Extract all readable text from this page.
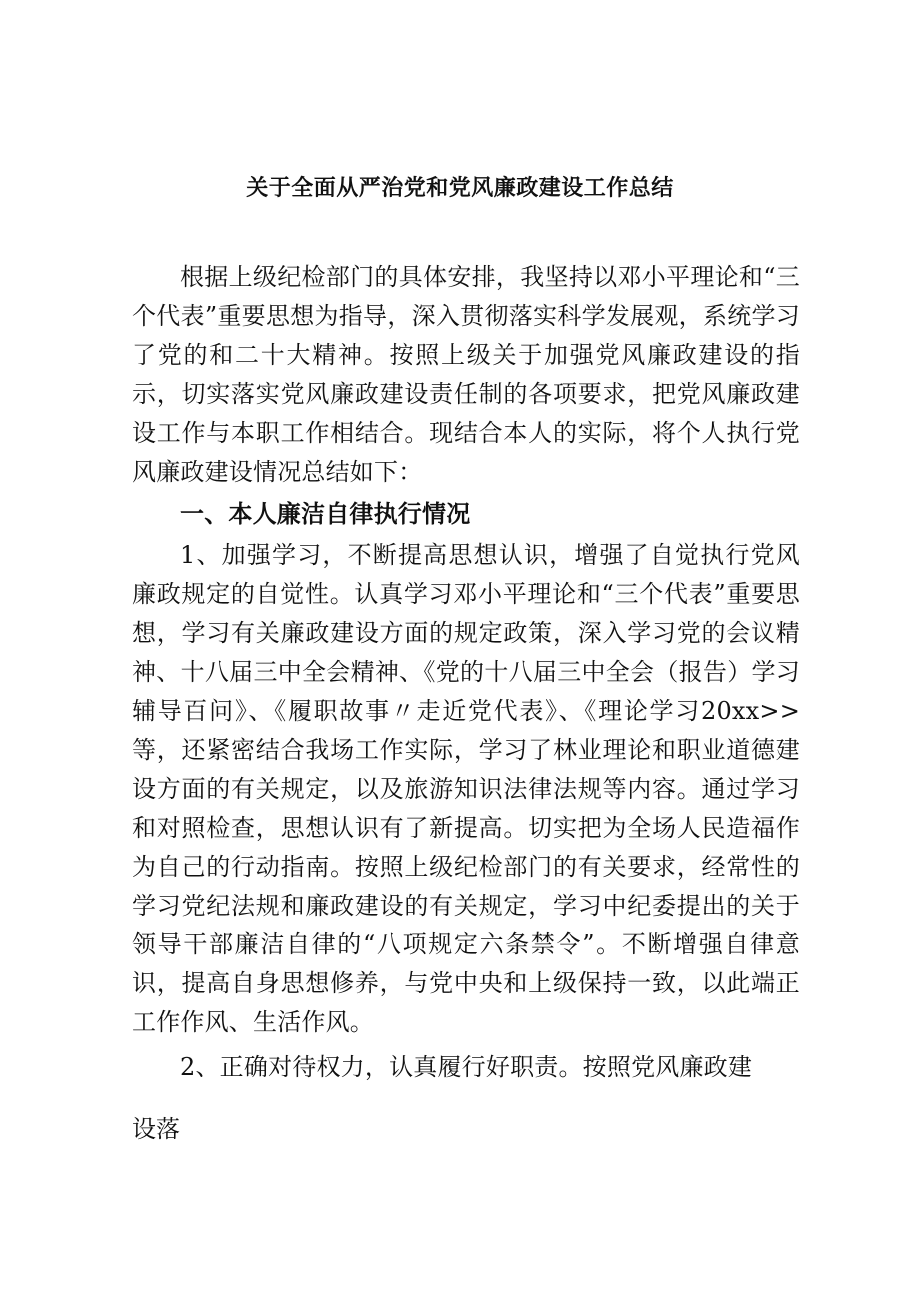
关于全面从严治党和党风廉政建设工作总结

根据上级纪检部门的具体安排，我坚持以邓小平理论和“三个代表”重要思想为指导，深入贯彻落实科学发展观，系统学习了党的和二十大精神。按照上级关于加强党风廉政建设的指示，切实落实党风廉政建设责任制的各项要求，把党风廉政建设工作与本职工作相结合。现结合本人的实际，将个人执行党风廉政建设情况总结如下：

一、本人廉洁自律执行情况

1、加强学习，不断提高思想认识，增强了自觉执行党风廉政规定的自觉性。认真学习邓小平理论和“三个代表”重要思想，学习有关廉政建设方面的规定政策，深入学习党的会议精神、十八届三中全会精神、《党的十八届三中全会（报告）学习辅导百问》、《履职故事〃走近党代表》、《理论学习20xx>>等，还紧密结合我场工作实际，学习了林业理论和职业道德建设方面的有关规定，以及旅游知识法律法规等内容。通过学习和对照检查，思想认识有了新提高。切实把为全场人民造福作为自己的行动指南。按照上级纪检部门的有关要求，经常性的学习党纪法规和廉政建设的有关规定，学习中纪委提出的关于领导干部廉洁自律的“八项规定六条禁令”。不断增强自律意识，提高自身思想修养，与党中央和上级保持一致，以此端正工作作风、生活作风。

2、正确对待权力，认真履行好职责。按照党风廉政建

设落
